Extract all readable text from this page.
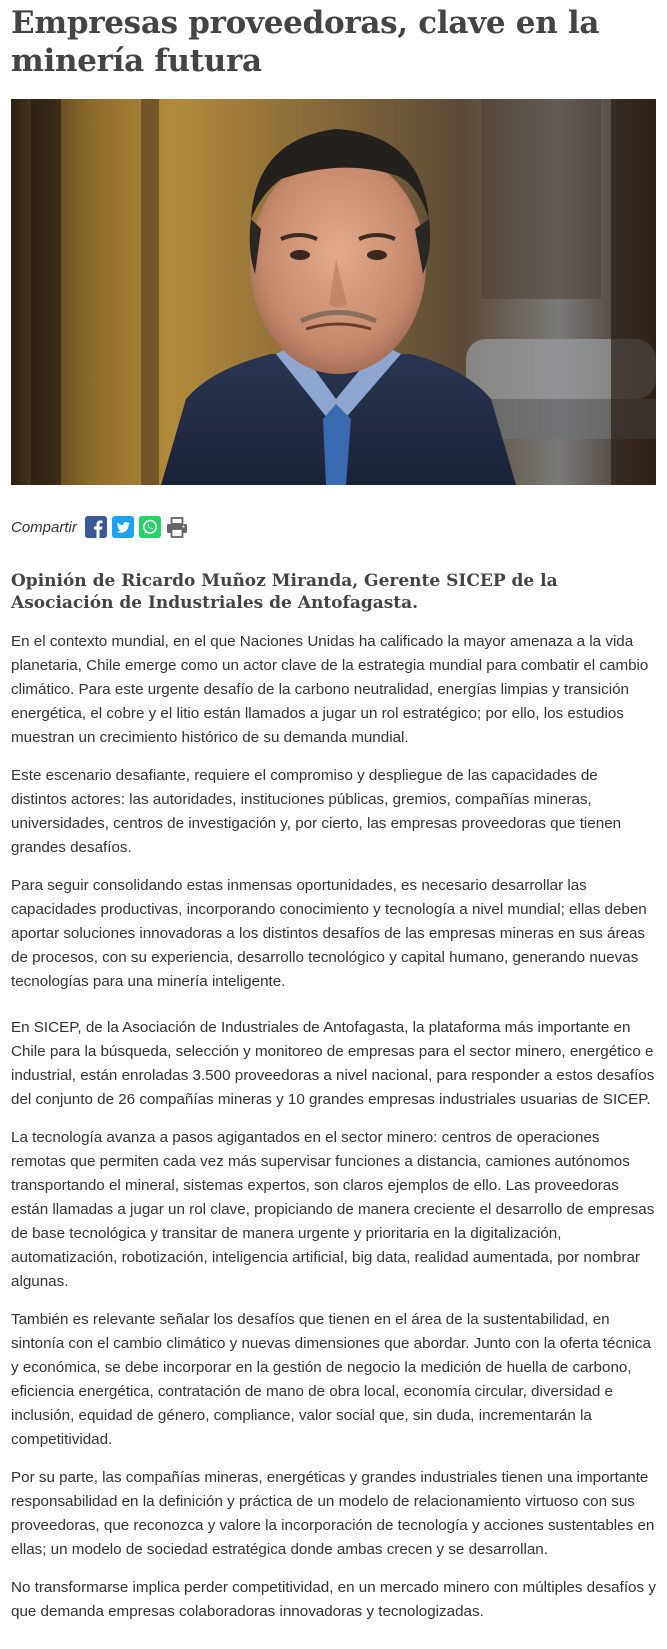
Empresas proveedoras, clave en la minería futura
Compartir
Opinión de Ricardo Muñoz Miranda, Gerente SICEP de la Asociación de Industriales de Antofagasta.

En el contexto mundial, en el que Naciones Unidas ha calificado la mayor amenaza a la vida planetaria, Chile emerge como un actor clave de la estrategia mundial para combatir el cambio climático. Para este urgente desafío de la carbono neutralidad, energías limpias y transición energética, el cobre y el litio están llamados a jugar un rol estratégico; por ello, los estudios muestran un crecimiento histórico de su demanda mundial.

Este escenario desafiante, requiere el compromiso y despliegue de las capacidades de distintos actores: las autoridades, instituciones públicas, gremios, compañías mineras, universidades, centros de investigación y, por cierto, las empresas proveedoras que tienen grandes desafíos.

Para seguir consolidando estas inmensas oportunidades, es necesario desarrollar las capacidades productivas, incorporando conocimiento y tecnología a nivel mundial; ellas deben aportar soluciones innovadoras a los distintos desafíos de las empresas mineras en sus áreas de procesos, con su experiencia, desarrollo tecnológico y capital humano, generando nuevas tecnologías para una minería inteligente.

En SICEP, de la Asociación de Industriales de Antofagasta, la plataforma más importante en Chile para la búsqueda, selección y monitoreo de empresas para el sector minero, energético e industrial, están enroladas 3.500 proveedoras a nivel nacional, para responder a estos desafíos del conjunto de 26 compañías mineras y 10 grandes empresas industriales usuarias de SICEP.

La tecnología avanza a pasos agigantados en el sector minero: centros de operaciones remotas que permiten cada vez más supervisar funciones a distancia, camiones autónomos transportando el mineral, sistemas expertos, son claros ejemplos de ello. Las proveedoras están llamadas a jugar un rol clave, propiciando de manera creciente el desarrollo de empresas de base tecnológica y transitar de manera urgente y prioritaria en la digitalización, automatización, robotización, inteligencia artificial, big data, realidad aumentada, por nombrar algunas.

También es relevante señalar los desafíos que tienen en el área de la sustentabilidad, en sintonía con el cambio climático y nuevas dimensiones que abordar. Junto con la oferta técnica y económica, se debe incorporar en la gestión de negocio la medición de huella de carbono, eficiencia energética, contratación de mano de obra local, economía circular, diversidad e inclusión, equidad de género, compliance, valor social que, sin duda, incrementarán la competitividad.

Por su parte, las compañías mineras, energéticas y grandes industriales tienen una importante responsabilidad en la definición y práctica de un modelo de relacionamiento virtuoso con sus proveedoras, que reconozca y valore la incorporación de tecnología y acciones sustentables en ellas; un modelo de sociedad estratégica donde ambas crecen y se desarrollan.

No transformarse implica perder competitividad, en un mercado minero con múltiples desafíos y que demanda empresas colaboradoras innovadoras y tecnologizadas.
